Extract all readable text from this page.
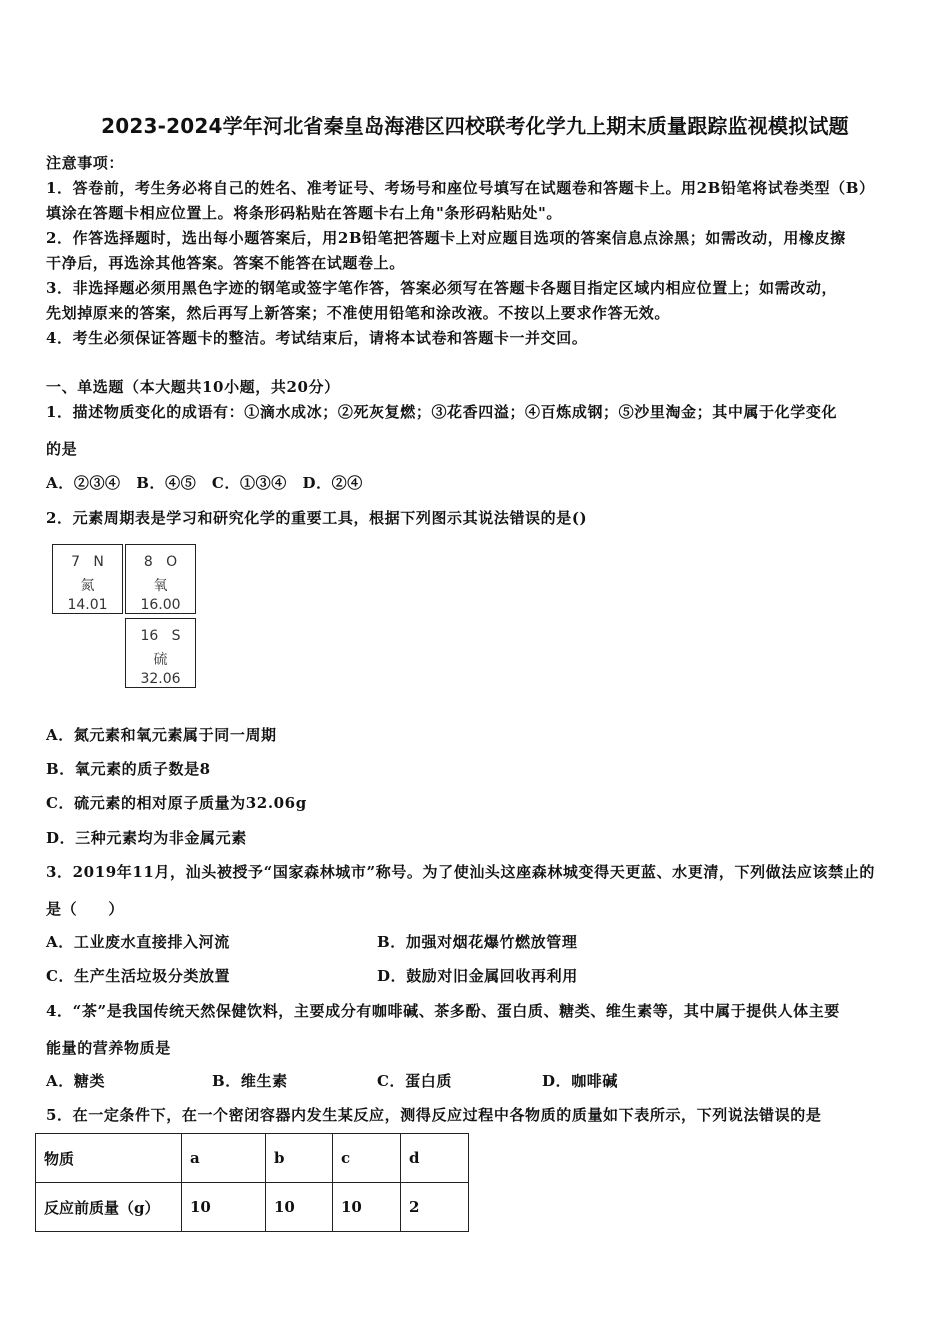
2023-2024学年河北省秦皇岛海港区四校联考化学九上期末质量跟踪监视模拟试题
注意事项：
1．答卷前，考生务必将自己的姓名、准考证号、考场号和座位号填写在试题卷和答题卡上。用2B铅笔将试卷类型（B）
填涂在答题卡相应位置上。将条形码粘贴在答题卡右上角"条形码粘贴处"。
2．作答选择题时，选出每小题答案后，用2B铅笔把答题卡上对应题目选项的答案信息点涂黑；如需改动，用橡皮擦
干净后，再选涂其他答案。答案不能答在试题卷上。
3．非选择题必须用黑色字迹的钢笔或签字笔作答，答案必须写在答题卡各题目指定区域内相应位置上；如需改动，
先划掉原来的答案，然后再写上新答案；不准使用铅笔和涂改液。不按以上要求作答无效。
4．考生必须保证答题卡的整洁。考试结束后，请将本试卷和答题卡一并交回。
一、单选题（本大题共10小题，共20分）
1．描述物质变化的成语有：①滴水成冰；②死灰复燃；③花香四溢；④百炼成钢；⑤沙里淘金；其中属于化学变化
的是
A．②③④　B．④⑤　C．①③④　D．②④
2．元素周期表是学习和研究化学的重要工具，根据下列图示其说法错误的是()
7 N
氮
14.01
8 O
氧
16.00
16 S
硫
32.06
A．氮元素和氧元素属于同一周期
B．氧元素的质子数是8
C．硫元素的相对原子质量为32.06g
D．三种元素均为非金属元素
3．2019年11月，汕头被授予“国家森林城市”称号。为了使汕头这座森林城变得天更蓝、水更清，下列做法应该禁止的
是（　　）
A．工业废水直接排入河流	B．加强对烟花爆竹燃放管理
C．生产生活垃圾分类放置	D．鼓励对旧金属回收再利用
4．“茶”是我国传统天然保健饮料，主要成分有咖啡碱、茶多酚、蛋白质、糖类、维生素等，其中属于提供人体主要
能量的营养物质是
A．糖类	B．维生素	C．蛋白质	D．咖啡碱
5．在一定条件下，在一个密闭容器内发生某反应，测得反应过程中各物质的质量如下表所示，下列说法错误的是
物质	a	b	c	d
反应前质量（g）	10	10	10	2
